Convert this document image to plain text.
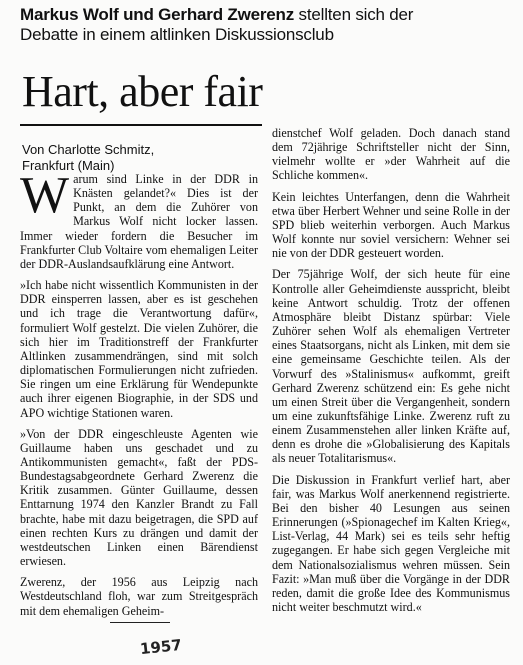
Markus Wolf und Gerhard Zwerenz stellten sich der
Debatte in einem altlinken Diskussionsclub
Hart, aber fair
Von Charlotte Schmitz,
Frankfurt (Main)

Warum sind Linke in der DDR in Knästen gelandet?« Dies ist der Punkt, an dem die Zuhörer von Markus Wolf nicht locker lassen. Immer wieder fordern die Besucher im Frankfurter Club Voltaire vom ehemaligen Leiter der DDR-Auslandsaufklärung eine Antwort.

»Ich habe nicht wissentlich Kommunisten in der DDR einsperren lassen, aber es ist geschehen und ich trage die Verantwortung dafür«, formuliert Wolf gestelzt. Die vielen Zuhörer, die sich hier im Traditionstreff der Frankfurter Altlinken zusammendrängen, sind mit solch diplomatischen Formulierungen nicht zufrieden. Sie ringen um eine Erklärung für Wendepunkte auch ihrer eigenen Biographie, in der SDS und APO wichtige Stationen waren.

»Von der DDR eingeschleuste Agenten wie Guillaume haben uns geschadet und zu Antikommunisten gemacht«, faßt der PDS-Bundestagsabgeordnete Gerhard Zwerenz die Kritik zusammen. Günter Guillaume, dessen Enttarnung 1974 den Kanzler Brandt zu Fall brachte, habe mit dazu beigetragen, die SPD auf einen rechten Kurs zu drängen und damit der westdeutschen Linken einen Bärendienst erwiesen.

Zwerenz, der 1956 aus Leipzig nach Westdeutschland floh, war zum Streitgespräch mit dem ehemaligen Geheim-

1957

dienstchef Wolf geladen. Doch danach stand dem 72jährige Schriftsteller nicht der Sinn, vielmehr wollte er »der Wahrheit auf die Schliche kommen«.

Kein leichtes Unterfangen, denn die Wahrheit etwa über Herbert Wehner und seine Rolle in der SPD blieb weiterhin verborgen. Auch Markus Wolf konnte nur soviel versichern: Wehner sei nie von der DDR gesteuert worden.

Der 75jährige Wolf, der sich heute für eine Kontrolle aller Geheimdienste ausspricht, bleibt keine Antwort schuldig. Trotz der offenen Atmosphäre bleibt Distanz spürbar: Viele Zuhörer sehen Wolf als ehemaligen Vertreter eines Staatsorgans, nicht als Linken, mit dem sie eine gemeinsame Geschichte teilen. Als der Vorwurf des »Stalinismus« aufkommt, greift Gerhard Zwerenz schützend ein: Es gehe nicht um einen Streit über die Vergangenheit, sondern um eine zukunftsfähige Linke. Zwerenz ruft zu einem Zusammenstehen aller linken Kräfte auf, denn es drohe die »Globalisierung des Kapitals als neuer Totalitarismus«.

Die Diskussion in Frankfurt verlief hart, aber fair, was Markus Wolf anerkennend registrierte. Bei den bisher 40 Lesungen aus seinen Erinnerungen (»Spionagechef im Kalten Krieg«, List-Verlag, 44 Mark) sei es teils sehr heftig zugegangen. Er habe sich gegen Vergleiche mit dem Nationalsozialismus wehren müssen. Sein Fazit: »Man muß über die Vorgänge in der DDR reden, damit die große Idee des Kommunismus nicht weiter beschmutzt wird.«
